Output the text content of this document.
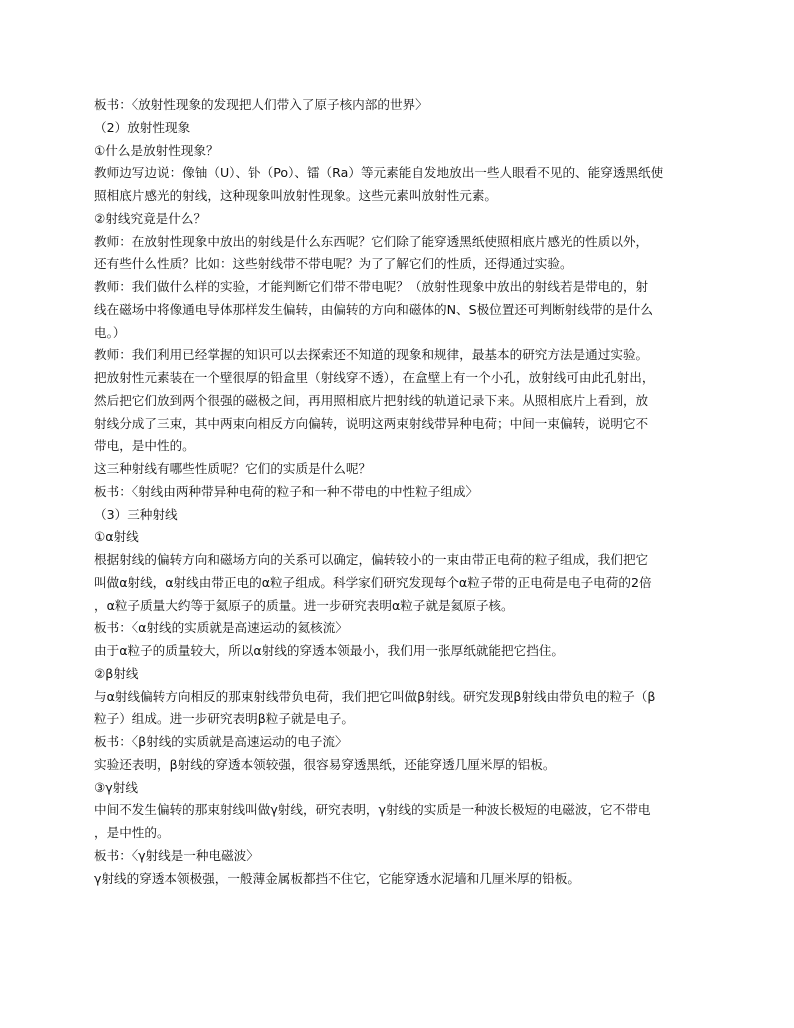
板书：〈放射性现象的发现把人们带入了原子核内部的世界〉
（2）放射性现象
①什么是放射性现象？
教师边写边说：像铀（U）、钋（Po）、镭（Ra）等元素能自发地放出一些人眼看不见的、能穿透黑纸使
照相底片感光的射线，这种现象叫放射性现象。这些元素叫放射性元素。
②射线究竟是什么？
教师：在放射性现象中放出的射线是什么东西呢？它们除了能穿透黑纸使照相底片感光的性质以外，
还有些什么性质？比如：这些射线带不带电呢？为了了解它们的性质，还得通过实验。
教师：我们做什么样的实验，才能判断它们带不带电呢？（放射性现象中放出的射线若是带电的，射
线在磁场中将像通电导体那样发生偏转，由偏转的方向和磁体的N、S极位置还可判断射线带的是什么
电。）
教师：我们利用已经掌握的知识可以去探索还不知道的现象和规律，最基本的研究方法是通过实验。
把放射性元素装在一个壁很厚的铅盒里（射线穿不透），在盒壁上有一个小孔，放射线可由此孔射出，
然后把它们放到两个很强的磁极之间，再用照相底片把射线的轨道记录下来。从照相底片上看到，放
射线分成了三束，其中两束向相反方向偏转，说明这两束射线带异种电荷；中间一束偏转，说明它不
带电，是中性的。
这三种射线有哪些性质呢？它们的实质是什么呢？
板书：〈射线由两种带异种电荷的粒子和一种不带电的中性粒子组成〉
（3）三种射线
①α射线
根据射线的偏转方向和磁场方向的关系可以确定，偏转较小的一束由带正电荷的粒子组成，我们把它
叫做α射线，α射线由带正电的α粒子组成。科学家们研究发现每个α粒子带的正电荷是电子电荷的2倍
，α粒子质量大约等于氦原子的质量。进一步研究表明α粒子就是氦原子核。
板书：〈α射线的实质就是高速运动的氦核流〉
由于α粒子的质量较大，所以α射线的穿透本领最小，我们用一张厚纸就能把它挡住。
②β射线
与α射线偏转方向相反的那束射线带负电荷，我们把它叫做β射线。研究发现β射线由带负电的粒子（β
粒子）组成。进一步研究表明β粒子就是电子。
板书：〈β射线的实质就是高速运动的电子流〉
实验还表明，β射线的穿透本领较强，很容易穿透黑纸，还能穿透几厘米厚的铝板。
③γ射线
中间不发生偏转的那束射线叫做γ射线，研究表明，γ射线的实质是一种波长极短的电磁波，它不带电
，是中性的。
板书：〈γ射线是一种电磁波〉
γ射线的穿透本领极强，一般薄金属板都挡不住它，它能穿透水泥墙和几厘米厚的铅板。
